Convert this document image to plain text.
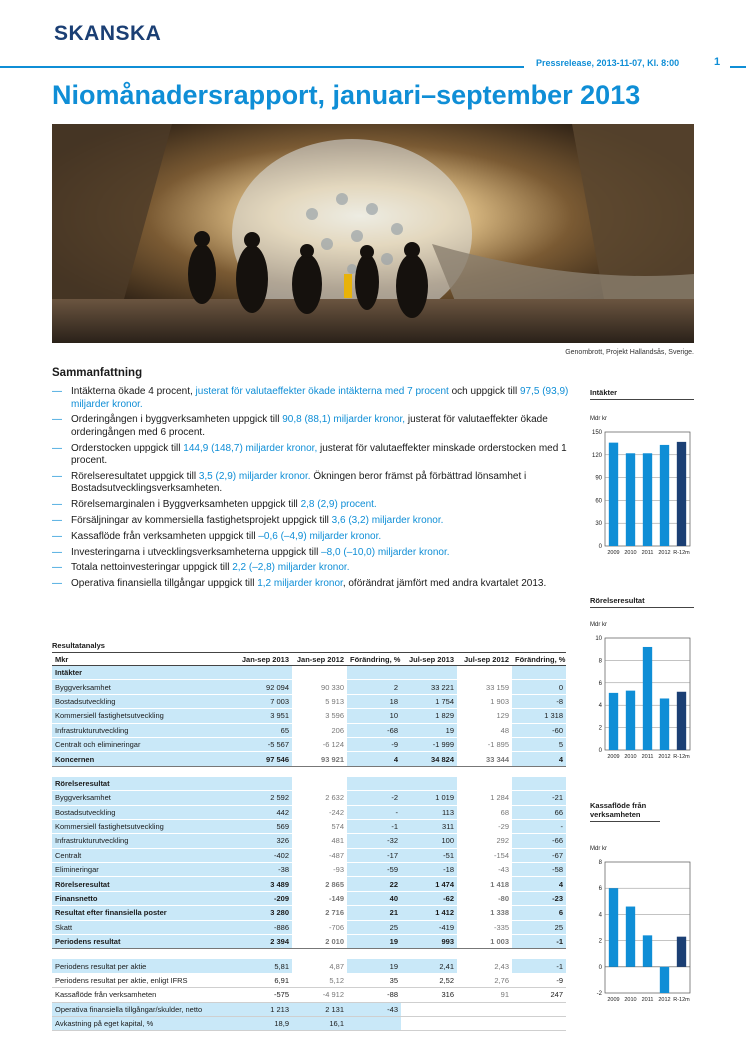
SKANSKA
Pressrelease, 2013-11-07, Kl. 8:00	1
Niomånadersrapport, januari–september 2013
Genombrott, Projekt Hallandsås, Sverige.
Sammanfattning
— Intäkterna ökade 4 procent, justerat för valutaeffekter ökade intäkterna med 7 procent och uppgick till 97,5 (93,9) miljarder kronor.
— Orderingången i byggverksamheten uppgick till 90,8 (88,1) miljarder kronor, justerat för valutaeffekter ökade orderingången med 6 procent.
— Orderstocken uppgick till 144,9 (148,7) miljarder kronor, justerat för valutaeffekter minskade orderstocken med 1 procent.
— Rörelseresultatet uppgick till 3,5 (2,9) miljarder kronor. Ökningen beror främst på förbättrad lönsamhet i Bostadsutvecklingsverksamheten.
— Rörelsemarginalen i Byggverksamheten uppgick till 2,8 (2,9) procent.
— Försäljningar av kommersiella fastighetsprojekt uppgick till 3,6 (3,2) miljarder kronor.
— Kassaflöde från verksamheten uppgick till –0,6 (–4,9) miljarder kronor.
— Investeringarna i utvecklingsverksamheterna uppgick till –8,0 (–10,0) miljarder kronor.
— Totala nettoinvesteringar uppgick till 2,2 (–2,8) miljarder kronor.
— Operativa finansiella tillgångar uppgick till 1,2 miljarder kronor, oförändrat jämfört med andra kvartalet 2013.
Resultatanalys
Mkr	Jan-sep 2013	Jan-sep 2012	Förändring, %	Jul-sep 2013	Jul-sep 2012	Förändring, %
Intäkter						
Byggverksamhet	92 094	90 330	2	33 221	33 159	0
Bostadsutveckling	7 003	5 913	18	1 754	1 903	-8
Kommersiell fastighetsutveckling	3 951	3 596	10	1 829	129	1 318
Infrastrukturutveckling	65	206	-68	19	48	-60
Centralt och elimineringar	-5 567	-6 124	-9	-1 999	-1 895	5
Koncernen	97 546	93 921	4	34 824	33 344	4

Rörelseresultat						
Byggverksamhet	2 592	2 632	-2	1 019	1 284	-21
Bostadsutveckling	442	-242	-	113	68	66
Kommersiell fastighetsutveckling	569	574	-1	311	-29	-
Infrastrukturutveckling	326	481	-32	100	292	-66
Centralt	-402	-487	-17	-51	-154	-67
Elimineringar	-38	-93	-59	-18	-43	-58
Rörelseresultat	3 489	2 865	22	1 474	1 418	4
Finansnetto	-209	-149	40	-62	-80	-23
Resultat efter finansiella poster	3 280	2 716	21	1 412	1 338	6
Skatt	-886	-706	25	-419	-335	25
Periodens resultat	2 394	2 010	19	993	1 003	-1

Periodens resultat per aktie	5,81	4,87	19	2,41	2,43	-1
Periodens resultat per aktie, enligt IFRS	6,91	5,12	35	2,52	2,76	-9
Kassaflöde från verksamheten	-575	-4 912	-88	316	91	247
Operativa finansiella tillgångar/skulder, netto	1 213	2 131	-43			
Avkastning på eget kapital, %	18,9	16,1				
Intäkter
Mdr kr
0
30
60
90
120
150
2009 2010 2011 2012 R-12m
Rörelseresultat
Mdr kr
0
2
4
6
8
10
2009 2010 2011 2012 R-12m
Kassaflöde från verksamheten
Mdr kr
-2
0
2
4
6
8
2009 2010 2011 2012 R-12m
